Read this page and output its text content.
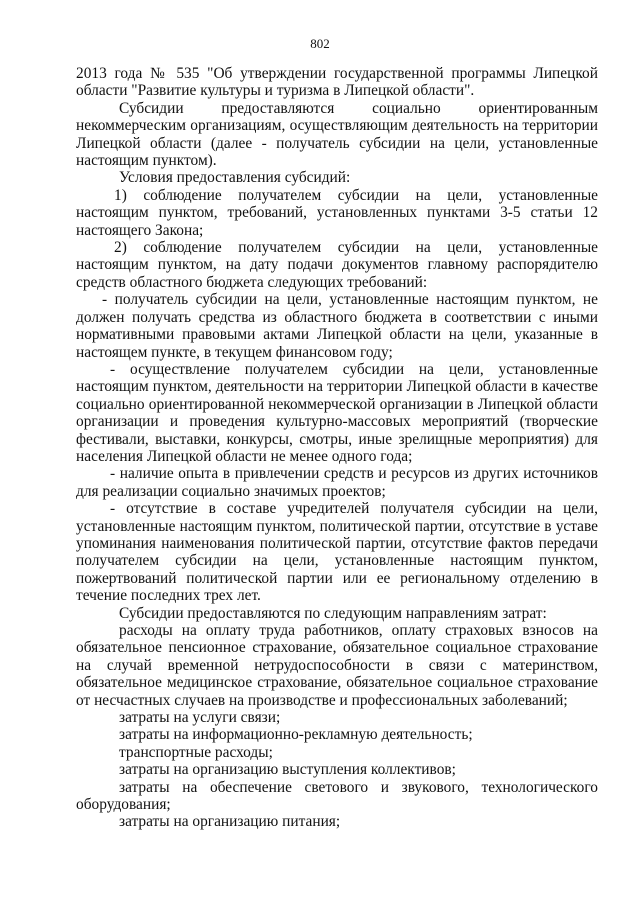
802

2013 года № 535 "Об утверждении государственной программы Липецкой области "Развитие культуры и туризма в Липецкой области".

Субсидии предоставляются социально ориентированным некоммерческим организациям, осуществляющим деятельность на территории Липецкой области (далее - получатель субсидии на цели, установленные настоящим пунктом).

Условия предоставления субсидий:

1) соблюдение получателем субсидии на цели, установленные настоящим пунктом, требований, установленных пунктами 3-5 статьи 12 настоящего Закона;

2) соблюдение получателем субсидии на цели, установленные настоящим пунктом, на дату подачи документов главному распорядителю средств областного бюджета следующих требований:

- получатель субсидии на цели, установленные настоящим пунктом, не должен получать средства из областного бюджета в соответствии с иными нормативными правовыми актами Липецкой области на цели, указанные в настоящем пункте, в текущем финансовом году;

- осуществление получателем субсидии на цели, установленные настоящим пунктом, деятельности на территории Липецкой области в качестве социально ориентированной некоммерческой организации в Липецкой области организации и проведения культурно-массовых мероприятий (творческие фестивали, выставки, конкурсы, смотры, иные зрелищные мероприятия) для населения Липецкой области не менее одного года;

- наличие опыта в привлечении средств и ресурсов из других источников для реализации социально значимых проектов;

- отсутствие в составе учредителей получателя субсидии на цели, установленные настоящим пунктом, политической партии, отсутствие в уставе упоминания наименования политической партии, отсутствие фактов передачи получателем субсидии на цели, установленные настоящим пунктом, пожертвований политической партии или ее региональному отделению в течение последних трех лет.

Субсидии предоставляются по следующим направлениям затрат:

расходы на оплату труда работников, оплату страховых взносов на обязательное пенсионное страхование, обязательное социальное страхование на случай временной нетрудоспособности в связи с материнством, обязательное медицинское страхование, обязательное социальное страхование от несчастных случаев на производстве и профессиональных заболеваний;

затраты на услуги связи;

затраты на информационно-рекламную деятельность;

транспортные расходы;

затраты на организацию выступления коллективов;

затраты на обеспечение светового и звукового, технологического оборудования;

затраты на организацию питания;
